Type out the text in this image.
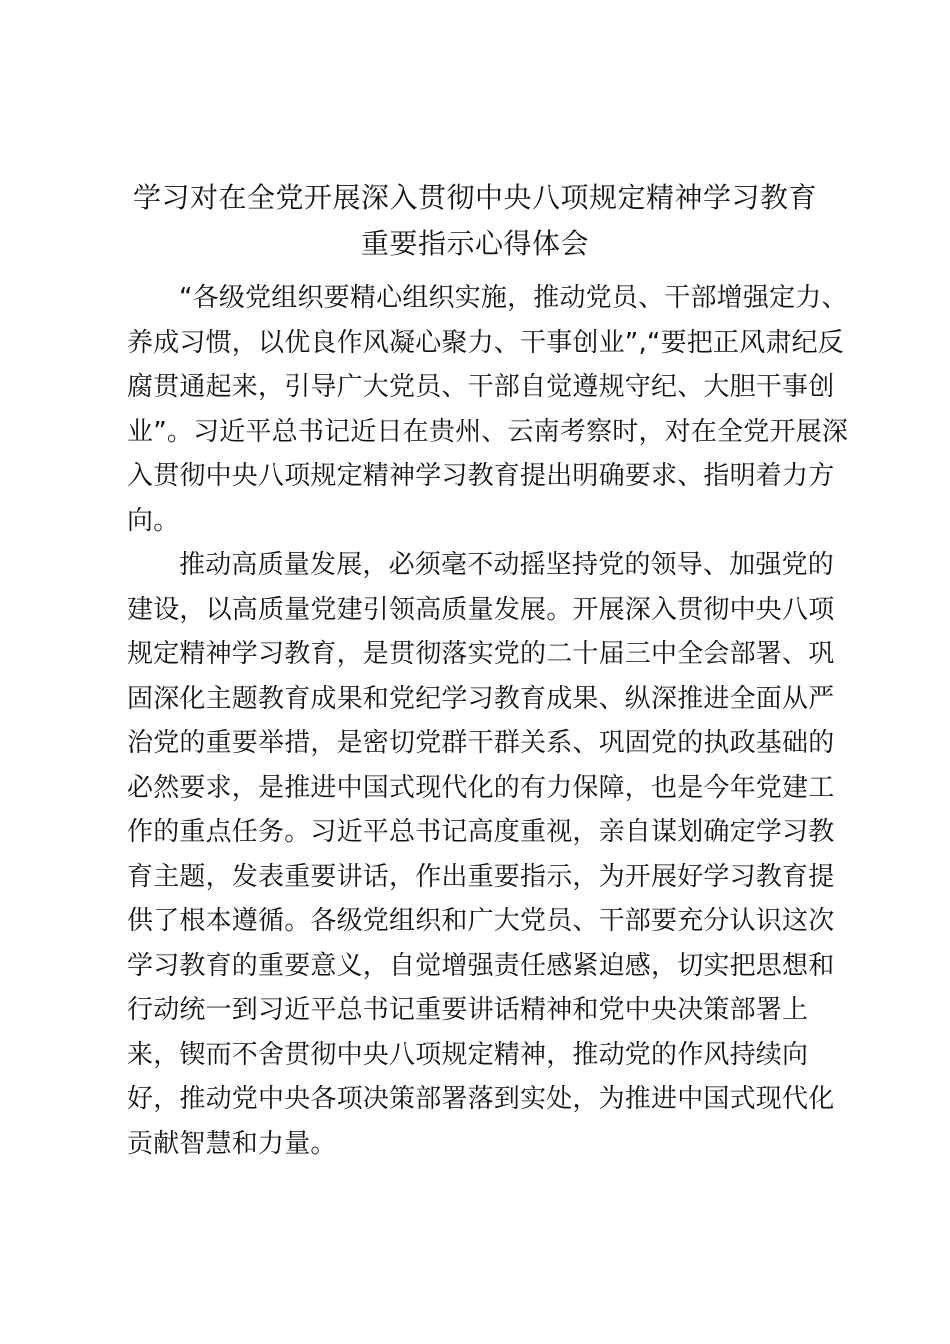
学习对在全党开展深入贯彻中央八项规定精神学习教育
重要指示心得体会
“各级党组织要精心组织实施，推动党员、干部增强定力、
养成习惯，以优良作风凝心聚力、干事创业”,“要把正风肃纪反
腐贯通起来，引导广大党员、干部自觉遵规守纪、大胆干事创
业”。习近平总书记近日在贵州、云南考察时，对在全党开展深
入贯彻中央八项规定精神学习教育提出明确要求、指明着力方
向。
推动高质量发展，必须毫不动摇坚持党的领导、加强党的
建设，以高质量党建引领高质量发展。开展深入贯彻中央八项
规定精神学习教育，是贯彻落实党的二十届三中全会部署、巩
固深化主题教育成果和党纪学习教育成果、纵深推进全面从严
治党的重要举措，是密切党群干群关系、巩固党的执政基础的
必然要求，是推进中国式现代化的有力保障，也是今年党建工
作的重点任务。习近平总书记高度重视，亲自谋划确定学习教
育主题，发表重要讲话，作出重要指示，为开展好学习教育提
供了根本遵循。各级党组织和广大党员、干部要充分认识这次
学习教育的重要意义，自觉增强责任感紧迫感，切实把思想和
行动统一到习近平总书记重要讲话精神和党中央决策部署上
来，锲而不舍贯彻中央八项规定精神，推动党的作风持续向
好，推动党中央各项决策部署落到实处，为推进中国式现代化
贡献智慧和力量。
